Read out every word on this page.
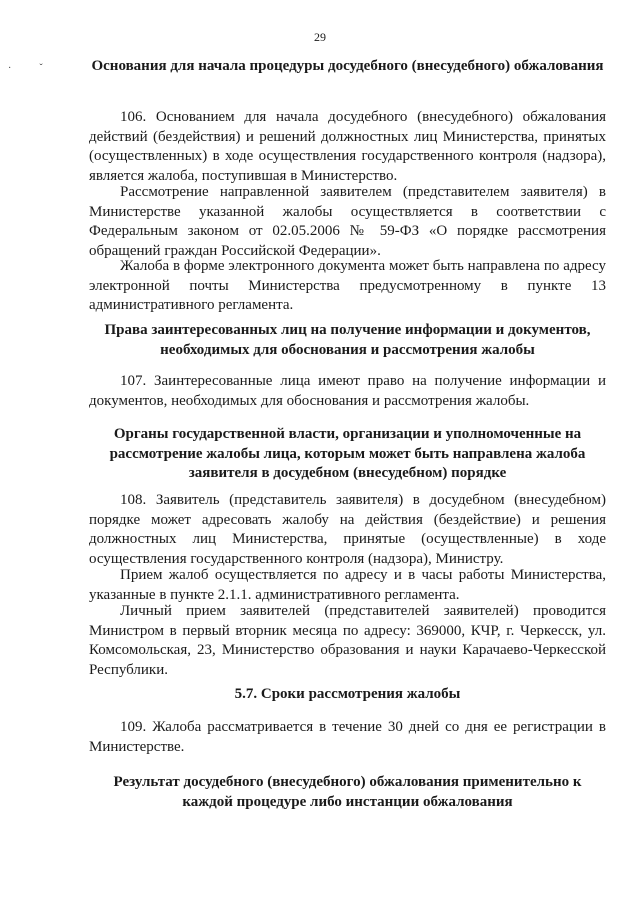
29
·ˇ Основания для начала процедуры досудебного (внесудебного) обжалования
106. Основанием для начала досудебного (внесудебного) обжалования действий (бездействия) и решений должностных лиц Министерства, принятых (осуществленных) в ходе осуществления государственного контроля (надзора), является жалоба, поступившая в Министерство.
Рассмотрение направленной заявителем (представителем заявителя) в Министерстве указанной жалобы осуществляется в соответствии с Федеральным законом от 02.05.2006 № 59-ФЗ «О порядке рассмотрения обращений граждан Российской Федерации».
Жалоба в форме электронного документа может быть направлена по адресу электронной почты Министерства предусмотренному в пункте 13 административного регламента.
Права заинтересованных лиц на получение информации и документов, необходимых для обоснования и рассмотрения жалобы
107. Заинтересованные лица имеют право на получение информации и документов, необходимых для обоснования и рассмотрения жалобы.
Органы государственной власти, организации и уполномоченные на рассмотрение жалобы лица, которым может быть направлена жалоба заявителя в досудебном (внесудебном) порядке
108. Заявитель (представитель заявителя) в досудебном (внесудебном) порядке может адресовать жалобу на действия (бездействие) и решения должностных лиц Министерства, принятые (осуществленные) в ходе осуществления государственного контроля (надзора), Министру.
Прием жалоб осуществляется по адресу и в часы работы Министерства, указанные в пункте 2.1.1. административного регламента.
Личный прием заявителей (представителей заявителей) проводится Министром в первый вторник месяца по адресу: 369000, КЧР, г. Черкесск, ул. Комсомольская, 23, Министерство образования и науки Карачаево-Черкесской Республики.
5.7. Сроки рассмотрения жалобы
109. Жалоба рассматривается в течение 30 дней со дня ее регистрации в Министерстве.
Результат досудебного (внесудебного) обжалования применительно к каждой процедуре либо инстанции обжалования
